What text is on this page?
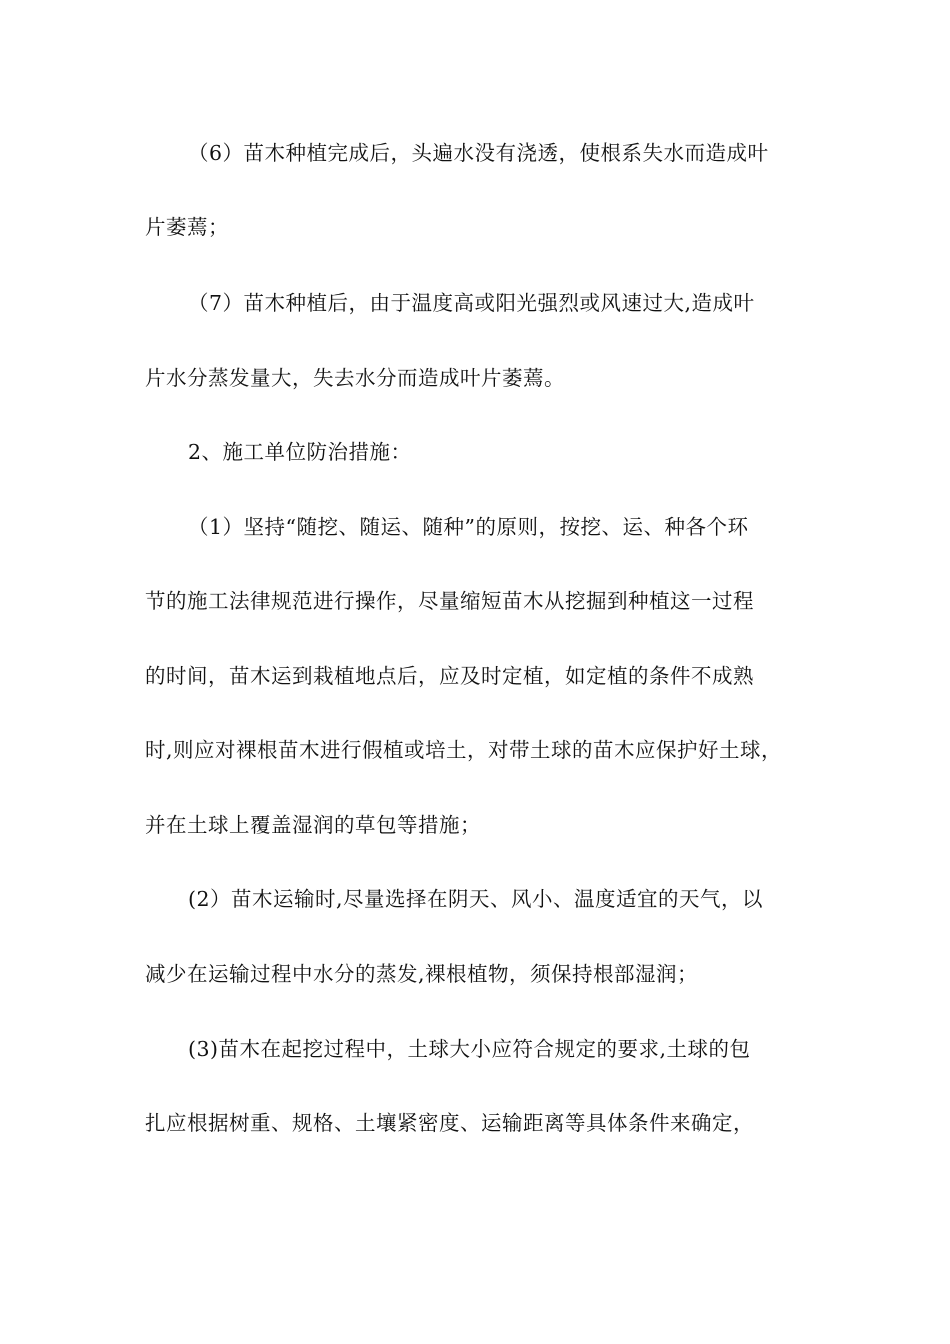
（6）苗木种植完成后，头遍水没有浇透，使根系失水而造成叶
片萎蔫；
（7）苗木种植后，由于温度高或阳光强烈或风速过大,造成叶
片水分蒸发量大，失去水分而造成叶片萎蔫。
2、施工单位防治措施：
（1）坚持“随挖、随运、随种”的原则，按挖、运、种各个环
节的施工法律规范进行操作，尽量缩短苗木从挖掘到种植这一过程
的时间，苗木运到栽植地点后，应及时定植，如定植的条件不成熟
时,则应对裸根苗木进行假植或培土，对带土球的苗木应保护好土球，
并在土球上覆盖湿润的草包等措施；
(2）苗木运输时,尽量选择在阴天、风小、温度适宜的天气，以
减少在运输过程中水分的蒸发,裸根植物，须保持根部湿润；
(3)苗木在起挖过程中，土球大小应符合规定的要求,土球的包
扎应根据树重、规格、土壤紧密度、运输距离等具体条件来确定，
